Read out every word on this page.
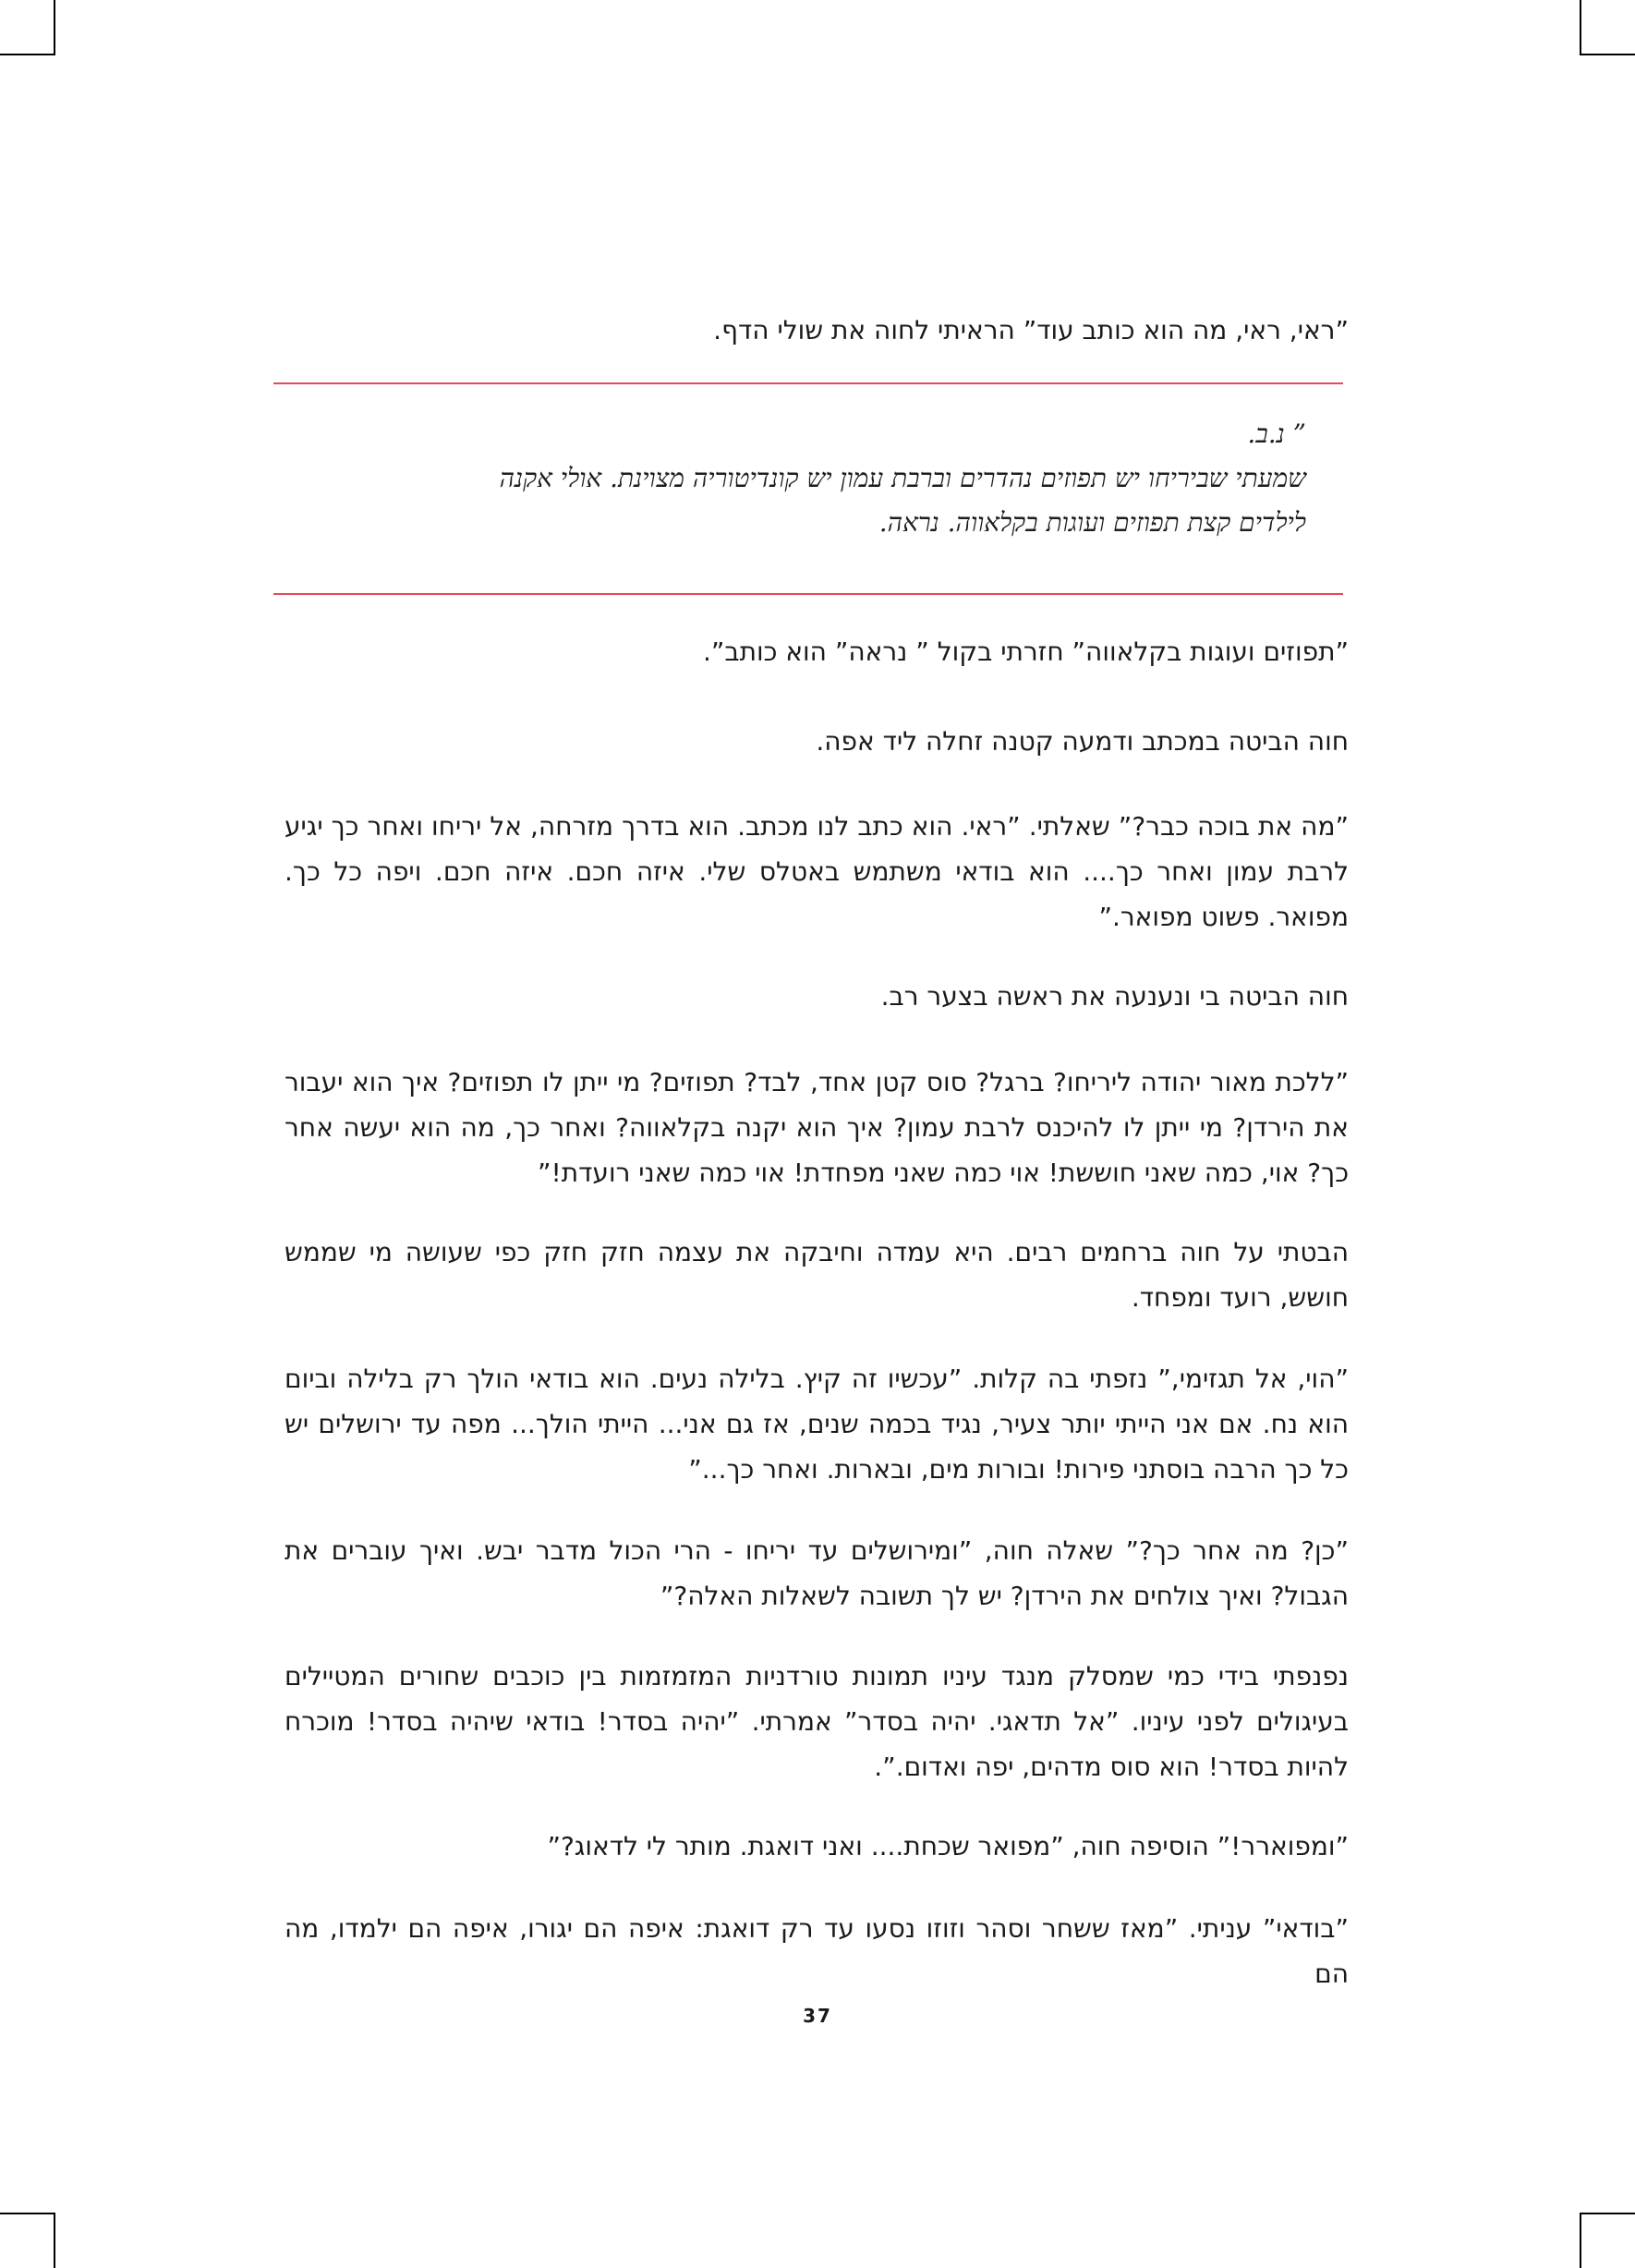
”ראי, ראי, מה הוא כותב עוד” הראיתי לחוה את שולי הדף.
” נ.ב.
שמעתי שביריחו יש תפוזים נהדרים וברבת עמון יש קונדיטוריה מצוינת. אולי אקנה
לילדים קצת תפוזים ועוגות בקלאווה. נראה.
”תפוזים ועוגות בקלאווה” חזרתי בקול ” נראה” הוא כותב”.
חוה הביטה במכתב ודמעה קטנה זחלה ליד אפה.
”מה את בוכה כבר?” שאלתי. ”ראי. הוא כתב לנו מכתב. הוא בדרך מזרחה, אל יריחו ואחר כך יגיע לרבת עמון ואחר כך.... הוא בודאי משתמש באטלס שלי. איזה חכם. איזה חכם. ויפה כל כך. מפואר. פשוט מפואר.”
חוה הביטה בי ונענעה את ראשה בצער רב.
”ללכת מאור יהודה ליריחו? ברגל? סוס קטן אחד, לבד? תפוזים? מי ייתן לו תפוזים? איך הוא יעבור את הירדן? מי ייתן לו להיכנס לרבת עמון? איך הוא יקנה בקלאווה? ואחר כך, מה הוא יעשה אחר כך? אוי, כמה שאני חוששת! אוי כמה שאני מפחדת! אוי כמה שאני רועדת!”
הבטתי על חוה ברחמים רבים. היא עמדה וחיבקה את עצמה חזק חזק כפי שעושה מי שממש חושש, רועד ומפחד.
”הוי, אל תגזימי,” נזפתי בה קלות. ”עכשיו זה קיץ. בלילה נעים. הוא בודאי הולך רק בלילה וביום הוא נח. אם אני הייתי יותר צעיר, נגיד בכמה שנים, אז גם אני... הייתי הולך... מפה עד ירושלים יש כל כך הרבה בוסתני פירות! ובורות מים, ובארות. ואחר כך...”
”כן? מה אחר כך?” שאלה חוה, ”ומירושלים עד יריחו - הרי הכול מדבר יבש. ואיך עוברים את הגבול? ואיך צולחים את הירדן? יש לך תשובה לשאלות האלה?”
נפנפתי בידי כמי שמסלק מנגד עיניו תמונות טורדניות המזמזמות בין כוכבים שחורים המטיילים בעיגולים לפני עיניו. ”אל תדאגי. יהיה בסדר” אמרתי. ”יהיה בסדר! בודאי שיהיה בסדר! מוכרח להיות בסדר! הוא סוס מדהים, יפה ואדום.”.
”ומפוארר!” הוסיפה חוה, ”מפואר שכחת.... ואני דואגת. מותר לי לדאוג?”
”בודאי” עניתי. ”מאז ששחר וסהר וזוזו נסעו עד רק דואגת: איפה הם יגורו, איפה הם ילמדו, מה הם
37
